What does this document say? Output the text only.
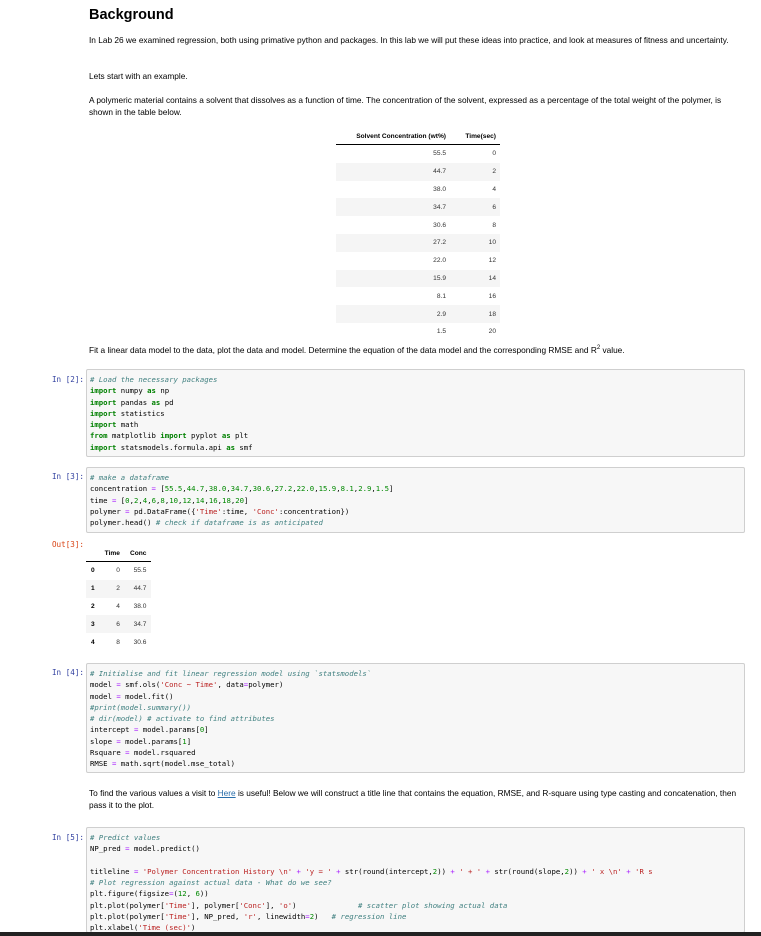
Background
In Lab 26 we examined regression, both using primative python and packages. In this lab we will put these ideas into practice, and look at measures of fitness and uncertainty.
Lets start with an example.
A polymeric material contains a solvent that dissolves as a function of time. The concentration of the solvent, expressed as a percentage of the total weight of the polymer, is shown in the table below.
Solvent Concentration (wt%)	Time(sec)
55.5	0
44.7	2
38.0	4
34.7	6
30.6	8
27.2	10
22.0	12
15.9	14
8.1	16
2.9	18
1.5	20
Fit a linear data model to the data, plot the data and model. Determine the equation of the data model and the corresponding RMSE and $R^2$ value.
In [2]: # Load the necessary packages
import numpy as np
import pandas as pd
import statistics
import math
from matplotlib import pyplot as plt
import statsmodels.formula.api as smf
In [3]: # make a dataframe
concentration = [55.5,44.7,38.0,34.7,30.6,27.2,22.0,15.9,8.1,2.9,1.5]
time = [0,2,4,6,8,10,12,14,16,18,20]
polymer = pd.DataFrame({'Time':time, 'Conc':concentration})
polymer.head() # check if dataframe is as anticipated
Out[3]:
	Time	Conc
0	0	55.5
1	2	44.7
2	4	38.0
3	6	34.7
4	8	30.6
In [4]: # Initialise and fit linear regression model using `statsmodels`
model = smf.ols('Conc ~ Time', data=polymer)
model = model.fit()
#print(model.summary())
# dir(model) # activate to find attributes
intercept = model.params[0]
slope = model.params[1]
Rsquare = model.rsquared
RMSE = math.sqrt(model.mse_total)
To find the various values a visit to Here is useful! Below we will construct a title line that contains the equation, RMSE, and R-square using type casting and concatenation, then pass it to the plot.
In [5]: # Predict values
NP_pred = model.predict()
titleline = 'Polymer Concentration History \n' + 'y = ' + str(round(intercept,2)) + ' + ' + str(round(slope,2)) + ' x \n' + 'R s
# Plot regression against actual data - What do we see?
plt.figure(figsize=(12, 6))
plt.plot(polymer['Time'], polymer['Conc'], 'o')              # scatter plot showing actual data
plt.plot(polymer['Time'], NP_pred, 'r', linewidth=2)   # regression line
plt.xlabel('Time (sec)')
